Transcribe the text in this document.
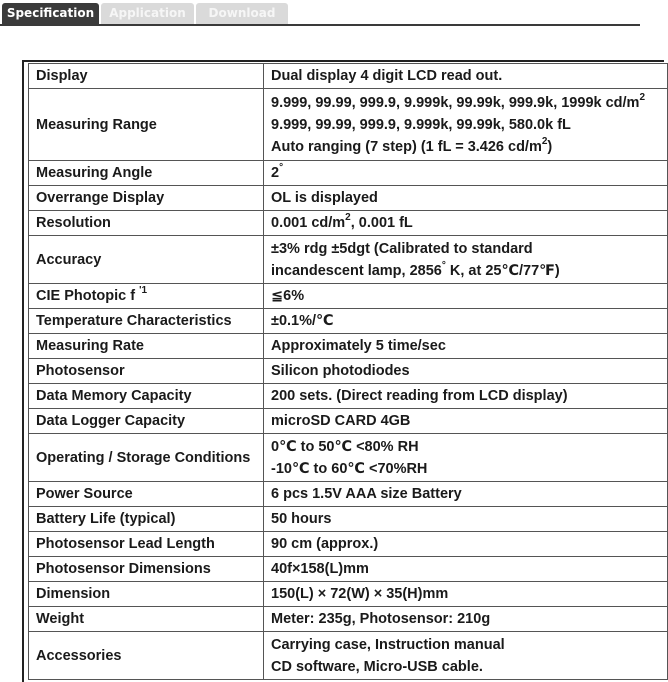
Specification	Application	Download
Display	Dual display 4 digit LCD read out.
Measuring Range	9.999, 99.99, 999.9, 9.999k, 99.99k, 999.9k, 1999k $cd/m^2$
9.999, 99.99, 999.9, 9.999k, 99.99k, 580.0k fL
Auto ranging (7 step) (1 fL = 3.426 $cd/m^2$)

Measuring Angle	2°
Overrange Display	OL is displayed
Resolution	0.001 $cd/m^2$, 0.001 fL
Accuracy	±3% rdg ±5dgt (Calibrated to standard
incandescent lamp, 2856° K, at 25℃/77℉)

CIE Photopic f $^{'1}$	≦6%
Temperature Characteristics	±0.1%/℃
Measuring Rate	Approximately 5 time/sec
Photosensor	Silicon photodiodes
Data Memory Capacity	200 sets. (Direct reading from LCD display)
Data Logger Capacity	microSD CARD 4GB
Operating / Storage Conditions	0℃ to 50℃ <80% RH
-10℃ to 60℃ <70%RH

Power Source	6 pcs 1.5V AAA size Battery
Battery Life (typical)	50 hours
Photosensor Lead Length	90 cm (approx.)
Photosensor Dimensions	40f×158(L)mm
Dimension	150(L) × 72(W) × 35(H)mm
Weight	Meter: 235g, Photosensor: 210g
Accessories	Carrying case, Instruction manual
CD software, Micro-USB cable.
